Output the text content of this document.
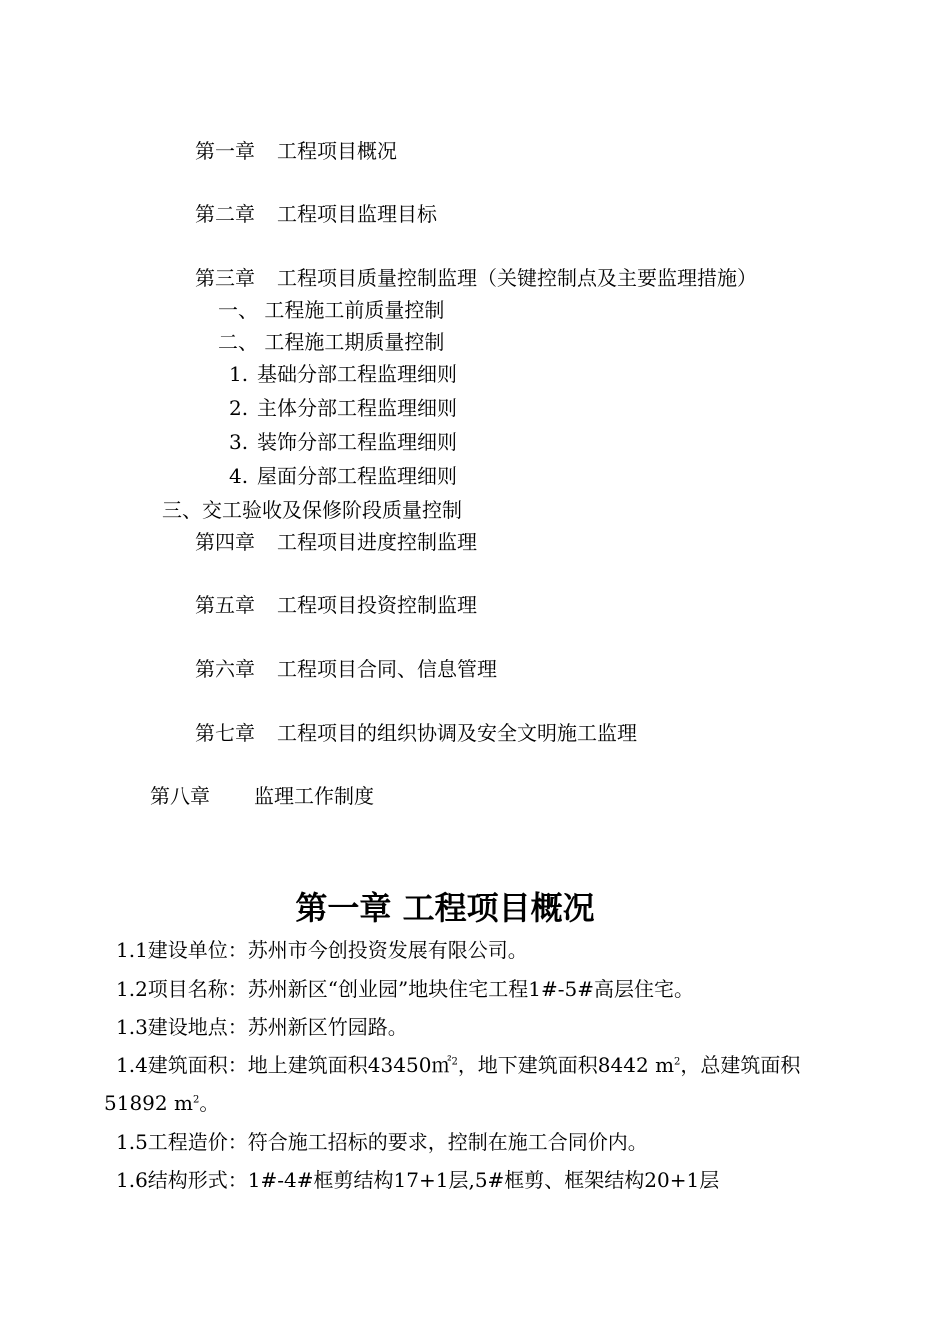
第一章 工程项目概况
第二章 工程项目监理目标
第三章 工程项目质量控制监理（关键控制点及主要监理措施）
一、 工程施工前质量控制
二、 工程施工期质量控制
1. 基础分部工程监理细则
2. 主体分部工程监理细则
3. 装饰分部工程监理细则
4. 屋面分部工程监理细则
三、交工验收及保修阶段质量控制
第四章 工程项目进度控制监理
第五章 工程项目投资控制监理
第六章 工程项目合同、信息管理
第七章 工程项目的组织协调及安全文明施工监理
第八章 监理工作制度
第一章 工程项目概况
1.1建设单位：苏州市今创投资发展有限公司。
1.2项目名称：苏州新区“创业园”地块住宅工程1#-5#高层住宅。
1.3建设地点：苏州新区竹园路。
1.4建筑面积：地上建筑面积43450㎡$^2$，地下建筑面积8442 $m^2$，总建筑面积
51892 $m^2$。
1.5工程造价：符合施工招标的要求，控制在施工合同价内。
1.6结构形式：1#-4#框剪结构17+1层,5#框剪、框架结构20+1层
